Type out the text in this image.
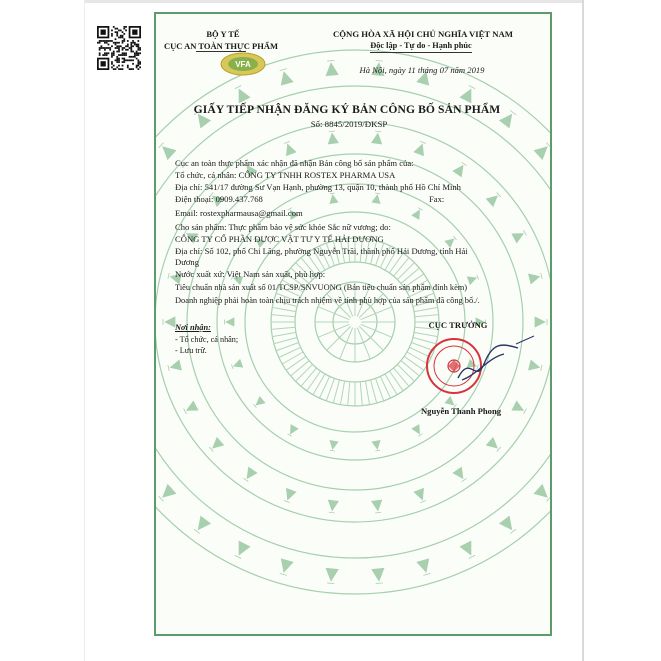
BỘ Y TẾ
CỤC AN TOÀN THỰC PHẨM
VFA
CỘNG HÒA XÃ HỘI CHỦ NGHĨA VIỆT NAM
Độc lập - Tự do - Hạnh phúc
Hà Nội, ngày 11 tháng 07 năm 2019
GIẤY TIẾP NHẬN ĐĂNG KÝ BẢN CÔNG BỐ SẢN PHẨM
Số: 8845/2019/ĐKSP
Cục an toàn thực phẩm xác nhận đã nhận Bản công bố sản phẩm của:
Tổ chức, cá nhân: CÔNG TY TNHH ROSTEX PHARMA USA
Địa chỉ: 541/17 đường Sư Vạn Hạnh, phường 13, quận 10, thành phố Hồ Chí Minh
Điện thoại: 0909.437.768	Fax:
Email: rostexpharmausa@gmail.com
Cho sản phẩm: Thực phẩm bảo vệ sức khỏe Sắc nữ vương; do:
CÔNG TY CỔ PHẦN DƯỢC VẬT TƯ Y TẾ HẢI DƯƠNG
Địa chỉ: Số 102, phố Chi Lăng, phường Nguyễn Trãi, thành phố Hải Dương, tỉnh Hải
Dương
Nước xuất xứ: Việt Nam sản xuất, phù hợp:
Tiêu chuẩn nhà sản xuất số 01/TCSP/SNVUONG (Bản tiêu chuẩn sản phẩm đính kèm)
Doanh nghiệp phải hoàn toàn chịu trách nhiệm về tính phù hợp của sản phẩm đã công bố./.
Nơi nhận:
- Tổ chức, cá nhân;
- Lưu trữ.
CỤC TRƯỞNG
Nguyễn Thanh Phong
